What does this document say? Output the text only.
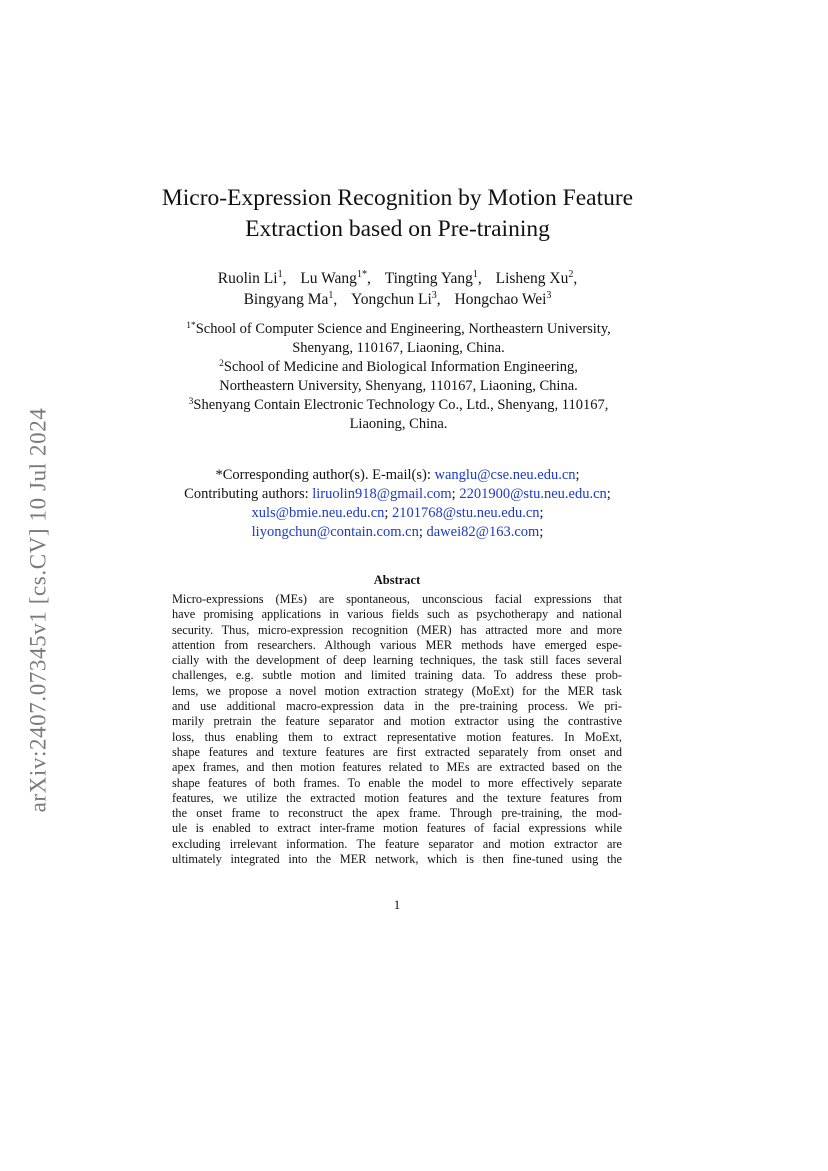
arXiv:2407.07345v1 [cs.CV] 10 Jul 2024
Micro-Expression Recognition by Motion Feature
Extraction based on Pre-training
Ruolin Li$^1$, Lu Wang$^{1*}$, Tingting Yang$^1$, Lisheng Xu$^2$,
Bingyang Ma$^1$, Yongchun Li$^3$, Hongchao Wei$^3$
$^{1*}$School of Computer Science and Engineering, Northeastern University,
Shenyang, 110167, Liaoning, China.
$^2$School of Medicine and Biological Information Engineering,
Northeastern University, Shenyang, 110167, Liaoning, China.
$^3$Shenyang Contain Electronic Technology Co., Ltd., Shenyang, 110167,
Liaoning, China.
*Corresponding author(s). E-mail(s): wanglu@cse.neu.edu.cn;
Contributing authors: liruolin918@gmail.com; 2201900@stu.neu.edu.cn;
xuls@bmie.neu.edu.cn; 2101768@stu.neu.edu.cn;
liyongchun@contain.com.cn; dawei82@163.com;
Abstract
Micro-expressions (MEs) are spontaneous, unconscious facial expressions that
have promising applications in various fields such as psychotherapy and national
security. Thus, micro-expression recognition (MER) has attracted more and more
attention from researchers. Although various MER methods have emerged espe-
cially with the development of deep learning techniques, the task still faces several
challenges, e.g. subtle motion and limited training data. To address these prob-
lems, we propose a novel motion extraction strategy (MoExt) for the MER task
and use additional macro-expression data in the pre-training process. We pri-
marily pretrain the feature separator and motion extractor using the contrastive
loss, thus enabling them to extract representative motion features. In MoExt,
shape features and texture features are first extracted separately from onset and
apex frames, and then motion features related to MEs are extracted based on the
shape features of both frames. To enable the model to more effectively separate
features, we utilize the extracted motion features and the texture features from
the onset frame to reconstruct the apex frame. Through pre-training, the mod-
ule is enabled to extract inter-frame motion features of facial expressions while
excluding irrelevant information. The feature separator and motion extractor are
ultimately integrated into the MER network, which is then fine-tuned using the
1
